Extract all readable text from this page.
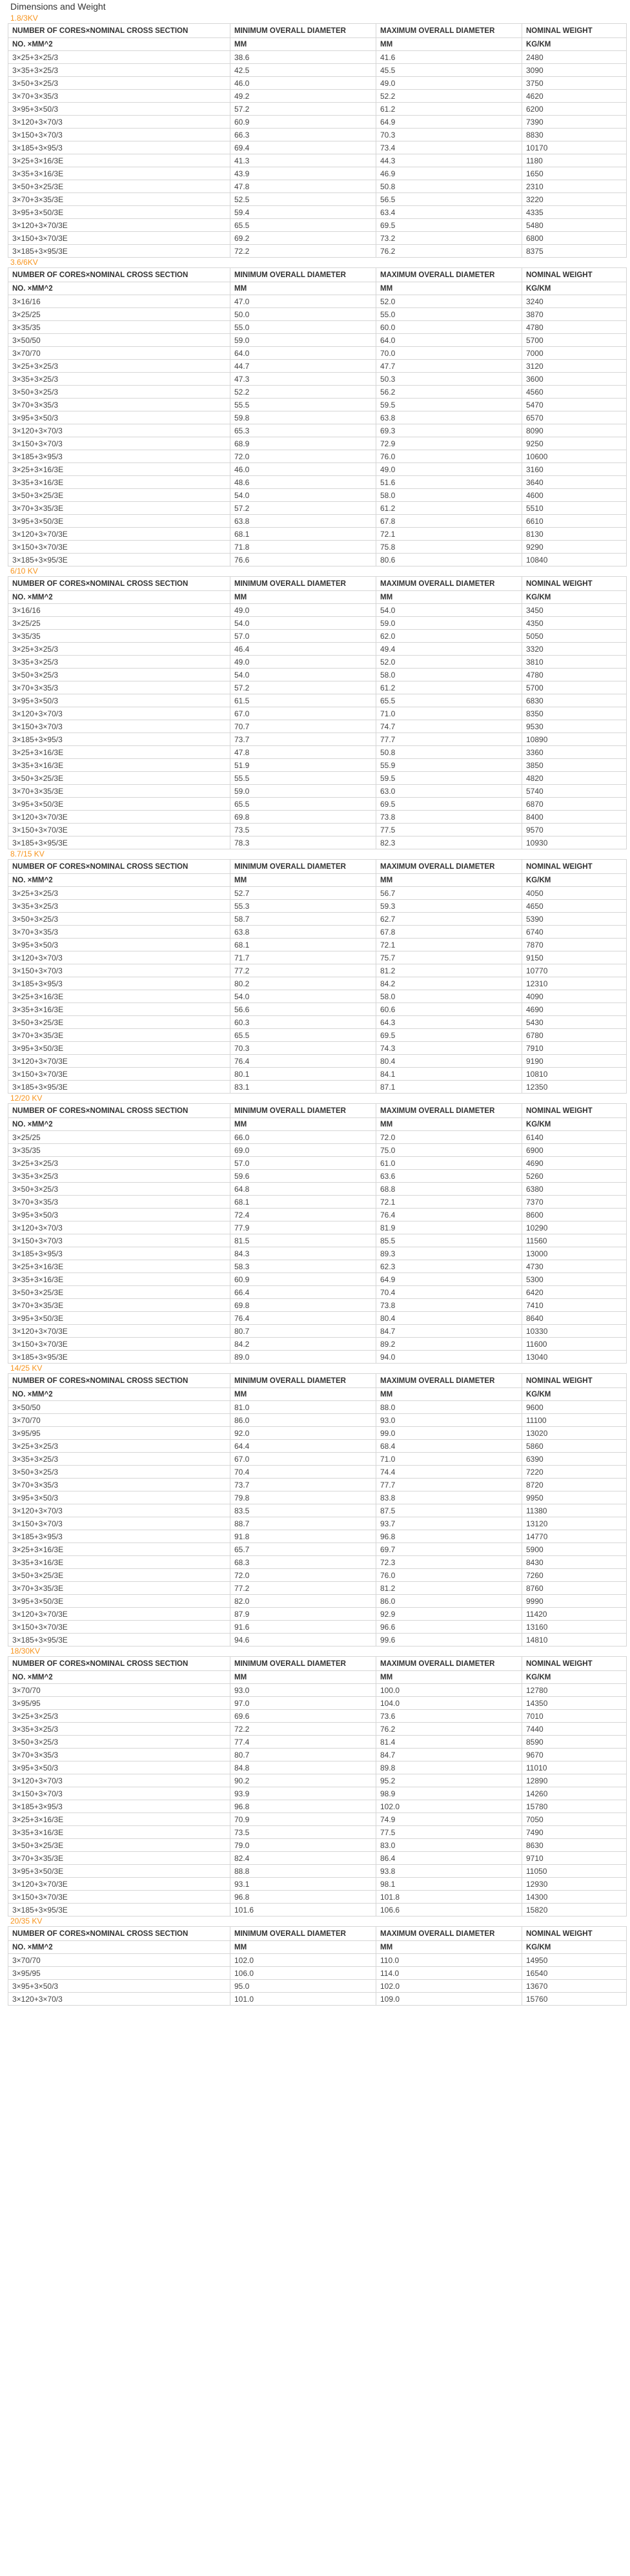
Dimensions and Weight
1.8/3KV
NUMBER OF CORES×NOMINAL CROSS SECTION	MINIMUM OVERALL DIAMETER	MAXIMUM OVERALL DIAMETER	NOMINAL WEIGHT
NO. ×MM^2	MM	MM	KG/KM
3×25+3×25/3	38.6	41.6	2480
3×35+3×25/3	42.5	45.5	3090
3×50+3×25/3	46.0	49.0	3750
3×70+3×35/3	49.2	52.2	4620
3×95+3×50/3	57.2	61.2	6200
3×120+3×70/3	60.9	64.9	7390
3×150+3×70/3	66.3	70.3	8830
3×185+3×95/3	69.4	73.4	10170
3×25+3×16/3E	41.3	44.3	1180
3×35+3×16/3E	43.9	46.9	1650
3×50+3×25/3E	47.8	50.8	2310
3×70+3×35/3E	52.5	56.5	3220
3×95+3×50/3E	59.4	63.4	4335
3×120+3×70/3E	65.5	69.5	5480
3×150+3×70/3E	69.2	73.2	6800
3×185+3×95/3E	72.2	76.2	8375
3.6/6KV
NUMBER OF CORES×NOMINAL CROSS SECTION	MINIMUM OVERALL DIAMETER	MAXIMUM OVERALL DIAMETER	NOMINAL WEIGHT
NO. ×MM^2	MM	MM	KG/KM
3×16/16	47.0	52.0	3240
3×25/25	50.0	55.0	3870
3×35/35	55.0	60.0	4780
3×50/50	59.0	64.0	5700
3×70/70	64.0	70.0	7000
3×25+3×25/3	44.7	47.7	3120
3×35+3×25/3	47.3	50.3	3600
3×50+3×25/3	52.2	56.2	4560
3×70+3×35/3	55.5	59.5	5470
3×95+3×50/3	59.8	63.8	6570
3×120+3×70/3	65.3	69.3	8090
3×150+3×70/3	68.9	72.9	9250
3×185+3×95/3	72.0	76.0	10600
3×25+3×16/3E	46.0	49.0	3160
3×35+3×16/3E	48.6	51.6	3640
3×50+3×25/3E	54.0	58.0	4600
3×70+3×35/3E	57.2	61.2	5510
3×95+3×50/3E	63.8	67.8	6610
3×120+3×70/3E	68.1	72.1	8130
3×150+3×70/3E	71.8	75.8	9290
3×185+3×95/3E	76.6	80.6	10840
6/10 KV
NUMBER OF CORES×NOMINAL CROSS SECTION	MINIMUM OVERALL DIAMETER	MAXIMUM OVERALL DIAMETER	NOMINAL WEIGHT
NO. ×MM^2	MM	MM	KG/KM
3×16/16	49.0	54.0	3450
3×25/25	54.0	59.0	4350
3×35/35	57.0	62.0	5050
3×25+3×25/3	46.4	49.4	3320
3×35+3×25/3	49.0	52.0	3810
3×50+3×25/3	54.0	58.0	4780
3×70+3×35/3	57.2	61.2	5700
3×95+3×50/3	61.5	65.5	6830
3×120+3×70/3	67.0	71.0	8350
3×150+3×70/3	70.7	74.7	9530
3×185+3×95/3	73.7	77.7	10890
3×25+3×16/3E	47.8	50.8	3360
3×35+3×16/3E	51.9	55.9	3850
3×50+3×25/3E	55.5	59.5	4820
3×70+3×35/3E	59.0	63.0	5740
3×95+3×50/3E	65.5	69.5	6870
3×120+3×70/3E	69.8	73.8	8400
3×150+3×70/3E	73.5	77.5	9570
3×185+3×95/3E	78.3	82.3	10930
8.7/15 KV
NUMBER OF CORES×NOMINAL CROSS SECTION	MINIMUM OVERALL DIAMETER	MAXIMUM OVERALL DIAMETER	NOMINAL WEIGHT
NO. ×MM^2	MM	MM	KG/KM
3×25+3×25/3	52.7	56.7	4050
3×35+3×25/3	55.3	59.3	4650
3×50+3×25/3	58.7	62.7	5390
3×70+3×35/3	63.8	67.8	6740
3×95+3×50/3	68.1	72.1	7870
3×120+3×70/3	71.7	75.7	9150
3×150+3×70/3	77.2	81.2	10770
3×185+3×95/3	80.2	84.2	12310
3×25+3×16/3E	54.0	58.0	4090
3×35+3×16/3E	56.6	60.6	4690
3×50+3×25/3E	60.3	64.3	5430
3×70+3×35/3E	65.5	69.5	6780
3×95+3×50/3E	70.3	74.3	7910
3×120+3×70/3E	76.4	80.4	9190
3×150+3×70/3E	80.1	84.1	10810
3×185+3×95/3E	83.1	87.1	12350
12/20 KV
NUMBER OF CORES×NOMINAL CROSS SECTION	MINIMUM OVERALL DIAMETER	MAXIMUM OVERALL DIAMETER	NOMINAL WEIGHT
NO. ×MM^2	MM	MM	KG/KM
3×25/25	66.0	72.0	6140
3×35/35	69.0	75.0	6900
3×25+3×25/3	57.0	61.0	4690
3×35+3×25/3	59.6	63.6	5260
3×50+3×25/3	64.8	68.8	6380
3×70+3×35/3	68.1	72.1	7370
3×95+3×50/3	72.4	76.4	8600
3×120+3×70/3	77.9	81.9	10290
3×150+3×70/3	81.5	85.5	11560
3×185+3×95/3	84.3	89.3	13000
3×25+3×16/3E	58.3	62.3	4730
3×35+3×16/3E	60.9	64.9	5300
3×50+3×25/3E	66.4	70.4	6420
3×70+3×35/3E	69.8	73.8	7410
3×95+3×50/3E	76.4	80.4	8640
3×120+3×70/3E	80.7	84.7	10330
3×150+3×70/3E	84.2	89.2	11600
3×185+3×95/3E	89.0	94.0	13040
14/25 KV
NUMBER OF CORES×NOMINAL CROSS SECTION	MINIMUM OVERALL DIAMETER	MAXIMUM OVERALL DIAMETER	NOMINAL WEIGHT
NO. ×MM^2	MM	MM	KG/KM
3×50/50	81.0	88.0	9600
3×70/70	86.0	93.0	11100
3×95/95	92.0	99.0	13020
3×25+3×25/3	64.4	68.4	5860
3×35+3×25/3	67.0	71.0	6390
3×50+3×25/3	70.4	74.4	7220
3×70+3×35/3	73.7	77.7	8720
3×95+3×50/3	79.8	83.8	9950
3×120+3×70/3	83.5	87.5	11380
3×150+3×70/3	88.7	93.7	13120
3×185+3×95/3	91.8	96.8	14770
3×25+3×16/3E	65.7	69.7	5900
3×35+3×16/3E	68.3	72.3	8430
3×50+3×25/3E	72.0	76.0	7260
3×70+3×35/3E	77.2	81.2	8760
3×95+3×50/3E	82.0	86.0	9990
3×120+3×70/3E	87.9	92.9	11420
3×150+3×70/3E	91.6	96.6	13160
3×185+3×95/3E	94.6	99.6	14810
18/30KV
NUMBER OF CORES×NOMINAL CROSS SECTION	MINIMUM OVERALL DIAMETER	MAXIMUM OVERALL DIAMETER	NOMINAL WEIGHT
NO. ×MM^2	MM	MM	KG/KM
3×70/70	93.0	100.0	12780
3×95/95	97.0	104.0	14350
3×25+3×25/3	69.6	73.6	7010
3×35+3×25/3	72.2	76.2	7440
3×50+3×25/3	77.4	81.4	8590
3×70+3×35/3	80.7	84.7	9670
3×95+3×50/3	84.8	89.8	11010
3×120+3×70/3	90.2	95.2	12890
3×150+3×70/3	93.9	98.9	14260
3×185+3×95/3	96.8	102.0	15780
3×25+3×16/3E	70.9	74.9	7050
3×35+3×16/3E	73.5	77.5	7490
3×50+3×25/3E	79.0	83.0	8630
3×70+3×35/3E	82.4	86.4	9710
3×95+3×50/3E	88.8	93.8	11050
3×120+3×70/3E	93.1	98.1	12930
3×150+3×70/3E	96.8	101.8	14300
3×185+3×95/3E	101.6	106.6	15820
20/35 KV
NUMBER OF CORES×NOMINAL CROSS SECTION	MINIMUM OVERALL DIAMETER	MAXIMUM OVERALL DIAMETER	NOMINAL WEIGHT
NO. ×MM^2	MM	MM	KG/KM
3×70/70	102.0	110.0	14950
3×95/95	106.0	114.0	16540
3×95+3×50/3	95.0	102.0	13670
3×120+3×70/3	101.0	109.0	15760
